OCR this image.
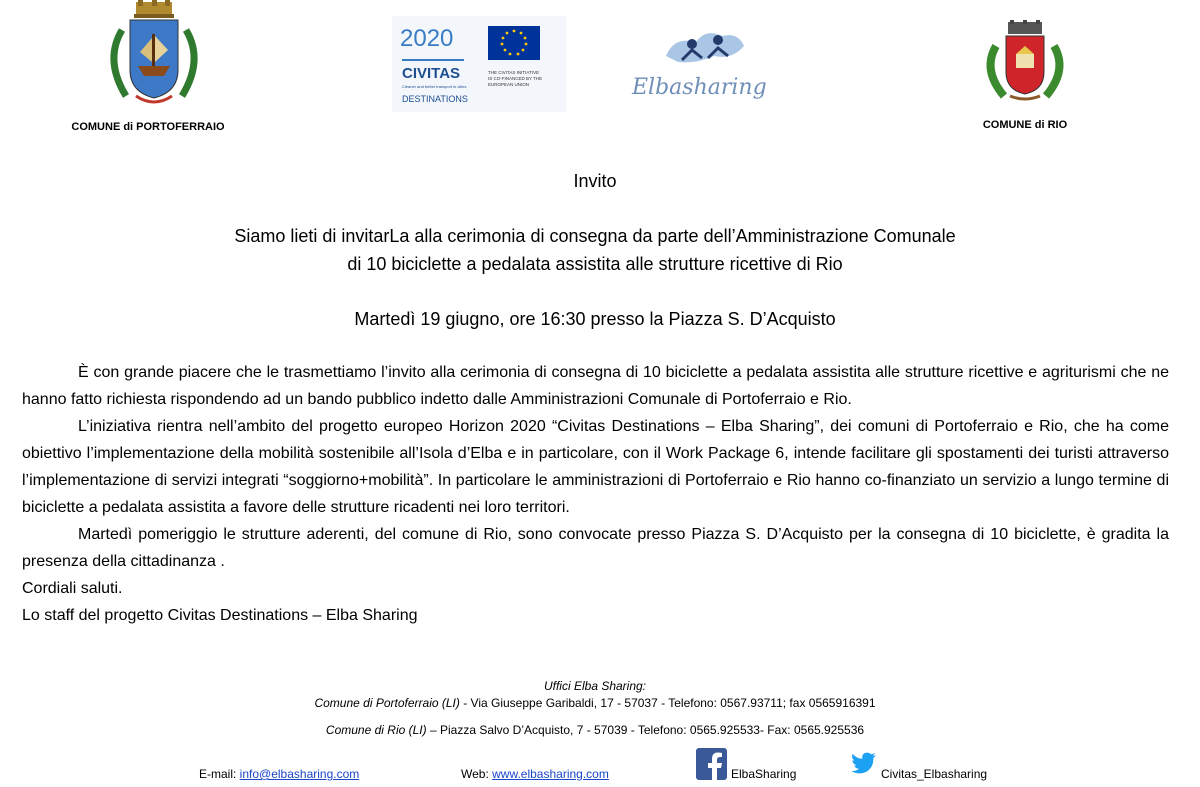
COMUNE di PORTOFERRAIO
2020
CIVITAS
Cleaner and better transport in cities
DESTINATIONS
THE CIVITAS INITIATIVE
IS CO-FINANCED BY THE
EUROPEAN UNION	Elbasharing
COMUNE di RIO
Invito
Siamo lieti di invitarLa alla cerimonia di consegna da parte dell’Amministrazione Comunale
di 10 biciclette a pedalata assistita alle strutture ricettive di Rio
Martedì 19 giugno, ore 16:30 presso la Piazza S. D’Acquisto

È con grande piacere che le trasmettiamo l’invito alla cerimonia di consegna di 10 biciclette a pedalata assistita alle strutture ricettive e agriturismi che ne hanno fatto richiesta rispondendo ad un bando pubblico indetto dalle Amministrazioni Comunale di Portoferraio e Rio.

L’iniziativa rientra nell’ambito del progetto europeo Horizon 2020 “Civitas Destinations – Elba Sharing”, dei comuni di Portoferraio e Rio, che ha come obiettivo l’implementazione della mobilità sostenibile all’Isola d’Elba e in particolare, con il Work Package 6, intende facilitare gli spostamenti dei turisti attraverso l’implementazione di servizi integrati “soggiorno+mobilità”. In particolare le amministrazioni di Portoferraio e Rio hanno co-finanziato un servizio a lungo termine di biciclette a pedalata assistita a favore delle strutture ricadenti nei loro territori.

Martedì pomeriggio le strutture aderenti, del comune di Rio, sono convocate presso Piazza S. D’Acquisto per la consegna di 10 biciclette, è gradita la presenza della cittadinanza .

Cordiali saluti.

Lo staff del progetto Civitas Destinations – Elba Sharing

Uffici Elba Sharing:
Comune di Portoferraio (LI) - Via Giuseppe Garibaldi, 17 - 57037 - Telefono: 0567.93711; fax 0565916391
Comune di Rio (LI) – Piazza Salvo D’Acquisto, 7 - 57039 - Telefono: 0565.925533- Fax: 0565.925536
E-mail: info@elbasharing.com	Web: www.elbasharing.com	ElbaSharing	Civitas_Elbasharing
